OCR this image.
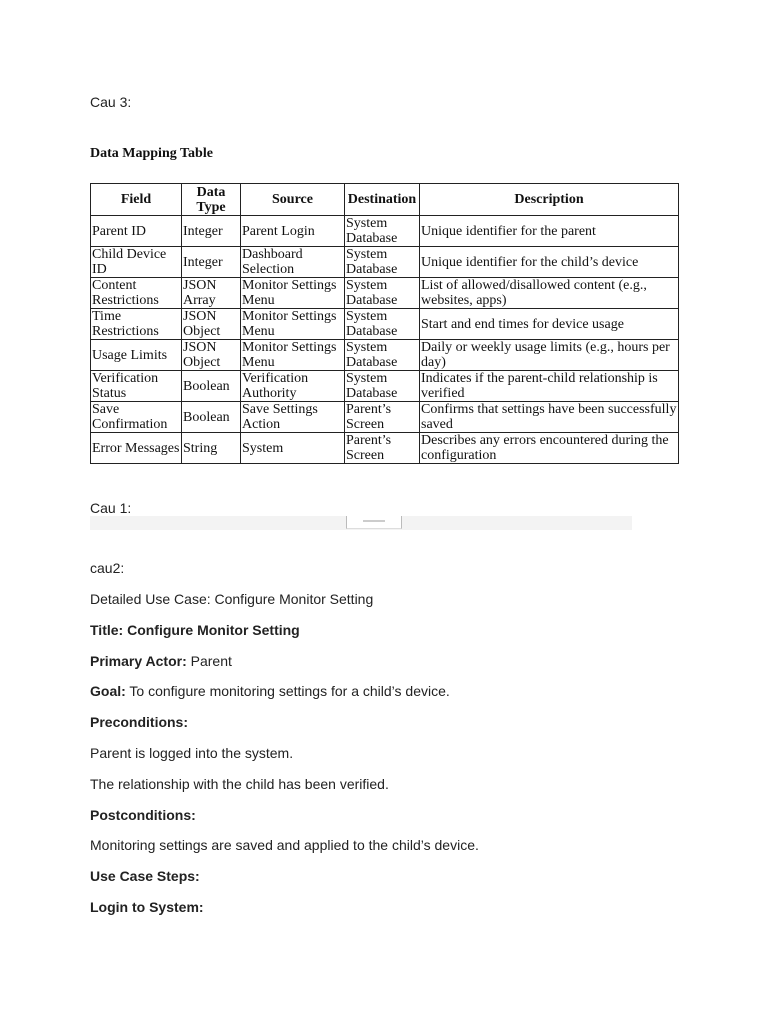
Cau 3:

Data Mapping Table

Field	Data Type	Source	Destination	Description
Parent ID	Integer	Parent Login	System Database	Unique identifier for the parent
Child Device ID	Integer	Dashboard Selection	System Database	Unique identifier for the child’s device
Content Restrictions	JSON Array	Monitor Settings Menu	System Database	List of allowed/disallowed content (e.g., websites, apps)
Time Restrictions	JSON Object	Monitor Settings Menu	System Database	Start and end times for device usage
Usage Limits	JSON Object	Monitor Settings Menu	System Database	Daily or weekly usage limits (e.g., hours per day)
Verification Status	Boolean	Verification Authority	System Database	Indicates if the parent-child relationship is verified
Save Confirmation	Boolean	Save Settings Action	Parent’s Screen	Confirms that settings have been successfully saved
Error Messages	String	System	Parent’s Screen	Describes any errors encountered during the configuration

Cau 1:

cau2:

Detailed Use Case: Configure Monitor Setting

Title: Configure Monitor Setting

Primary Actor: Parent

Goal: To configure monitoring settings for a child’s device.

Preconditions:

Parent is logged into the system.

The relationship with the child has been verified.

Postconditions:

Monitoring settings are saved and applied to the child’s device.

Use Case Steps:

Login to System:
